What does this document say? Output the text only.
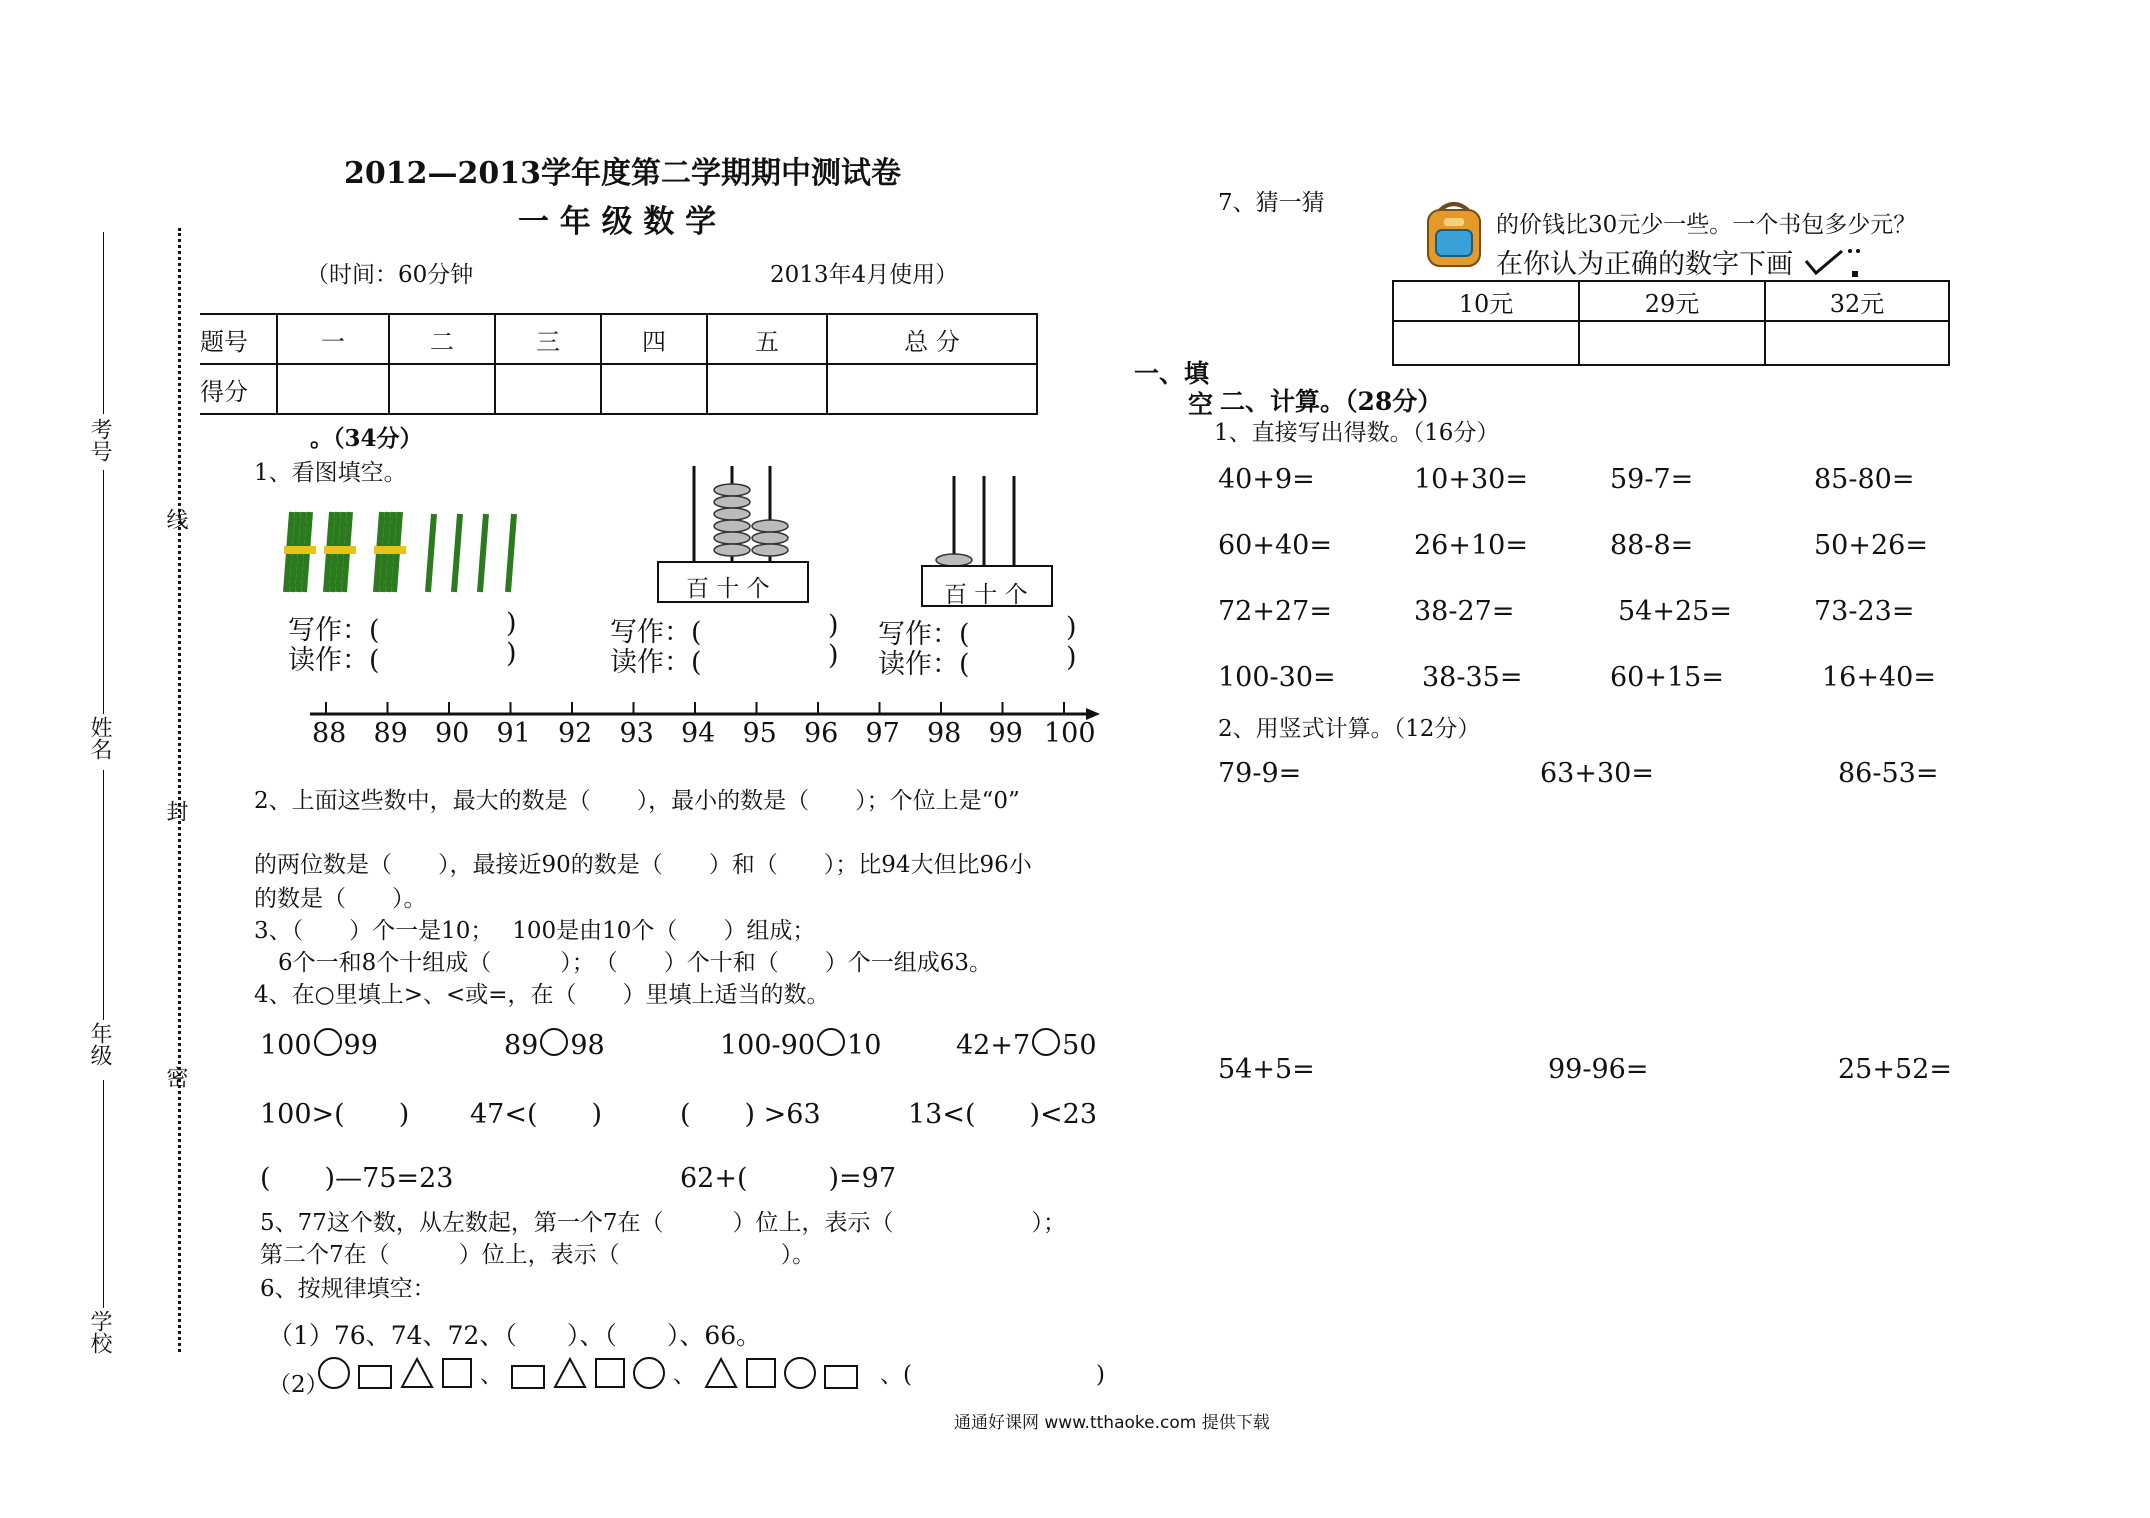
考号
姓名
年级
学校
线
封
密
2012—2013学年度第二学期期中测试卷
一 年 级 数 学
（时间：60分钟	2013年4月使用）
题号	一	二	三	四	五	总 分
得分						
一、填
空
。（34分）
1、看图填空。
百 十 个	百 十 个
写作：(	)
读作：(	)
写作：(	)
读作：(	)
写作：(	)
读作：(	)
88 89 90 91 92 93 94 95 96 97 98 99 100
2、上面这些数中，最大的数是（　　），最小的数是（　　）；个位上是“0”
的两位数是（　　），最接近90的数是（　　）和（　　）；比94大但比96小
的数是（　　）。
3、（　　）个一是10；　 100是由10个（　　）组成；
6个一和8个十组成（　　　）；　（　　）个十和（　　）个一组成63。
4、在○里填上>、<或=，在（　　）里填上适当的数。
100 99	89 98	100-90 10	42+7 50
100>(　　) 47<(　　)	(　　) >63	13<(　　)<23
(　　)—75=23	62+(　　　)=97
5、77这个数，从左数起，第一个7在（　　　）位上，表示（　　　　　　）；
第二个7在（　　　）位上，表示（　　　　　　　）。
6、按规律填空：
（1）76、74、72、（　　）、（　　）、66。
（2）	、	、	、(　　　　　　　　)
7、猜一猜
的价钱比30元少一些。一个书包多少元？
在你认为正确的数字下画
10元	29元	32元

二、计算。（28分）
1、直接写出得数。（16分）
40+9=	10+30=	59-7=	85-80=
60+40=	26+10=	88-8=	50+26=
72+27=	38-27=	54+25=	73-23=
100-30=	38-35=	60+15=	16+40=
2、用竖式计算。（12分）
79-9=	63+30=	86-53=
54+5=	99-96=	25+52=
通通好课网 www.tthaoke.com 提供下载
